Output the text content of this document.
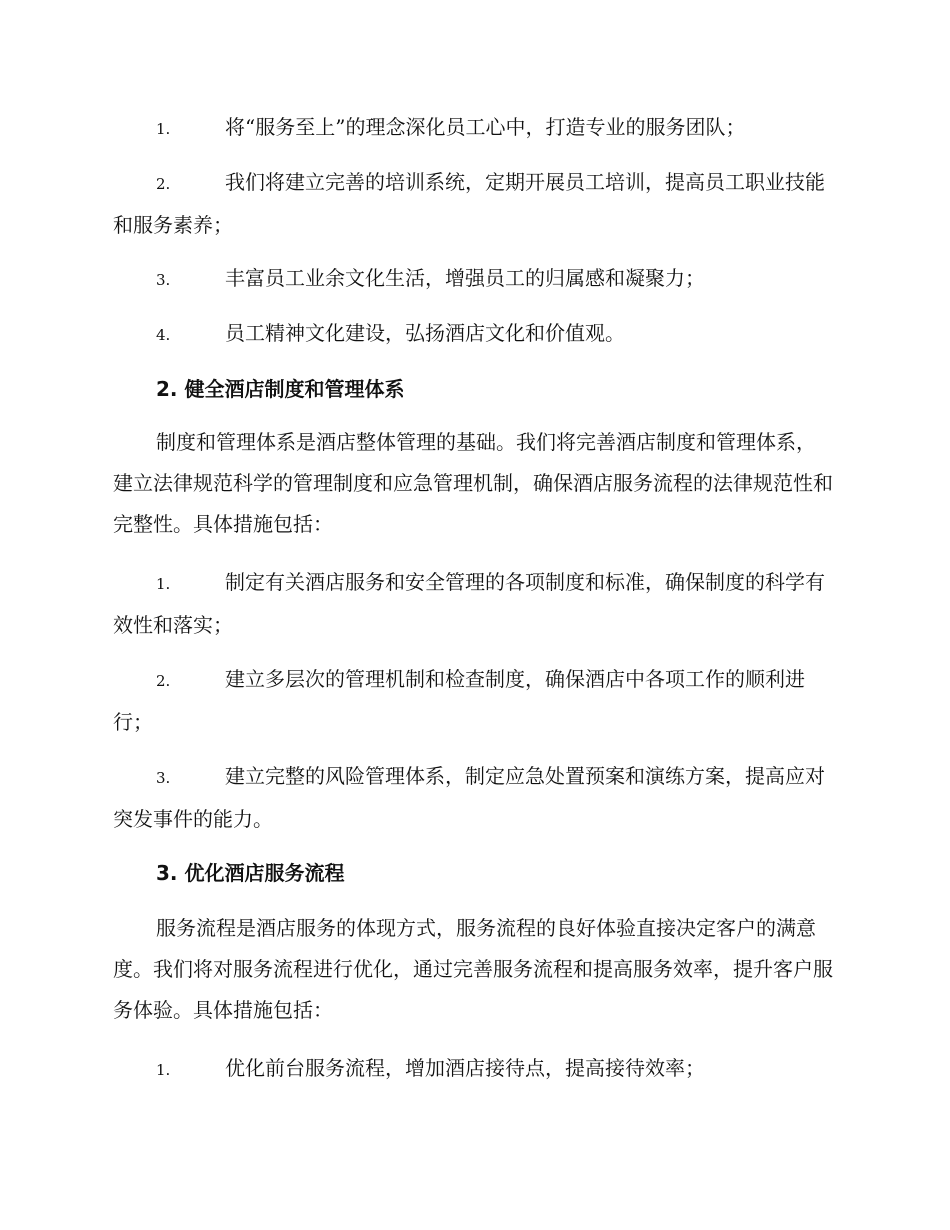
1.	将“服务至上”的理念深化员工心中，打造专业的服务团队；
2.	我们将建立完善的培训系统，定期开展员工培训，提高员工职业技能和服务素养；
3.	丰富员工业余文化生活，增强员工的归属感和凝聚力；
4.	员工精神文化建设，弘扬酒店文化和价值观。
2. 健全酒店制度和管理体系
制度和管理体系是酒店整体管理的基础。我们将完善酒店制度和管理体系，建立法律规范科学的管理制度和应急管理机制，确保酒店服务流程的法律规范性和完整性。具体措施包括：
1.	制定有关酒店服务和安全管理的各项制度和标准，确保制度的科学有效性和落实；
2.	建立多层次的管理机制和检查制度，确保酒店中各项工作的顺利进行；
3.	建立完整的风险管理体系，制定应急处置预案和演练方案，提高应对突发事件的能力。
3. 优化酒店服务流程
服务流程是酒店服务的体现方式，服务流程的良好体验直接决定客户的满意度。我们将对服务流程进行优化，通过完善服务流程和提高服务效率，提升客户服务体验。具体措施包括：
1.	优化前台服务流程，增加酒店接待点，提高接待效率；
